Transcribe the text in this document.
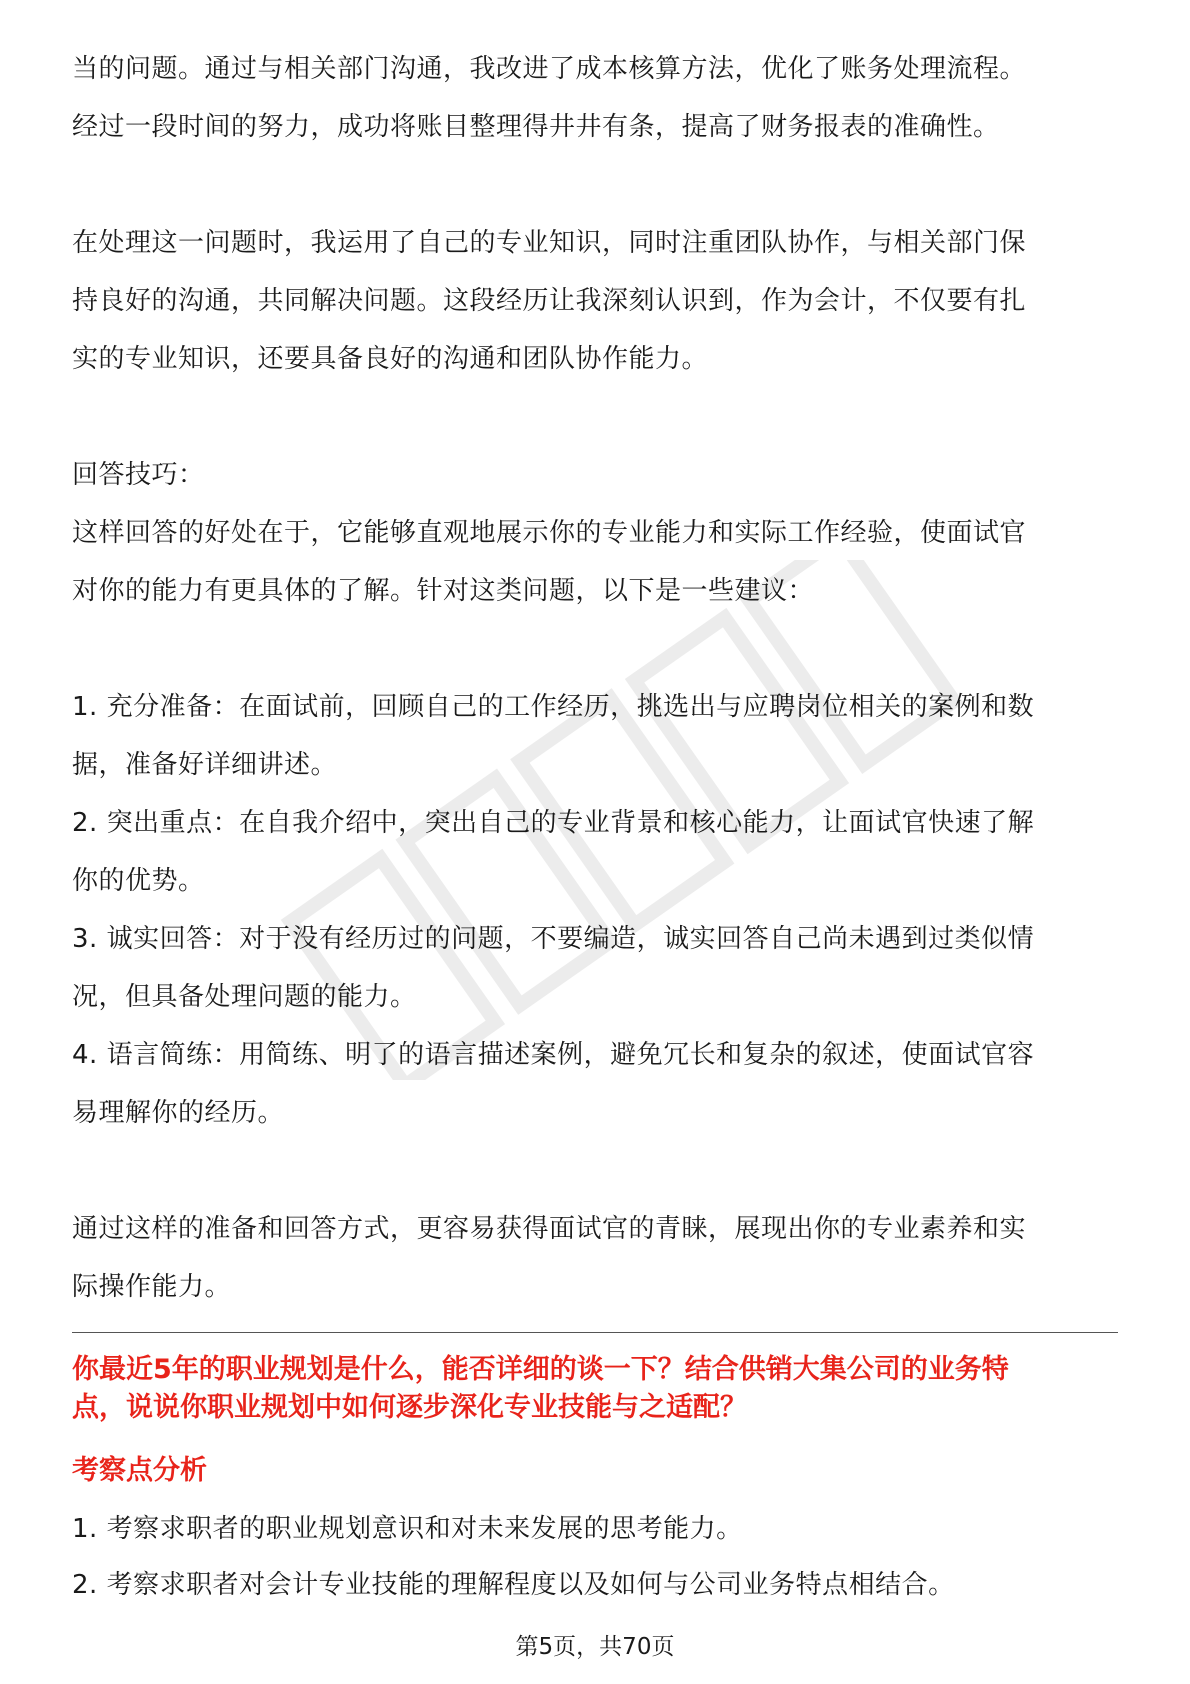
当的问题。通过与相关部门沟通，我改进了成本核算方法，优化了账务处理流程。

经过一段时间的努力，成功将账目整理得井井有条，提高了财务报表的准确性。

在处理这一问题时，我运用了自己的专业知识，同时注重团队协作，与相关部门保

持良好的沟通，共同解决问题。这段经历让我深刻认识到，作为会计，不仅要有扎

实的专业知识，还要具备良好的沟通和团队协作能力。

回答技巧：

这样回答的好处在于，它能够直观地展示你的专业能力和实际工作经验，使面试官

对你的能力有更具体的了解。针对这类问题，以下是一些建议：

1. 充分准备：在面试前，回顾自己的工作经历，挑选出与应聘岗位相关的案例和数

据，准备好详细讲述。

2. 突出重点：在自我介绍中，突出自己的专业背景和核心能力，让面试官快速了解

你的优势。

3. 诚实回答：对于没有经历过的问题，不要编造，诚实回答自己尚未遇到过类似情

况，但具备处理问题的能力。

4. 语言简练：用简练、明了的语言描述案例，避免冗长和复杂的叙述，使面试官容

易理解你的经历。

通过这样的准备和回答方式，更容易获得面试官的青睐，展现出你的专业素养和实

际操作能力。

你最近5年的职业规划是什么，能否详细的谈一下？结合供销大集公司的业务特

点，说说你职业规划中如何逐步深化专业技能与之适配？

考察点分析

1. 考察求职者的职业规划意识和对未来发展的思考能力。

2. 考察求职者对会计专业技能的理解程度以及如何与公司业务特点相结合。

第5页，共70页
